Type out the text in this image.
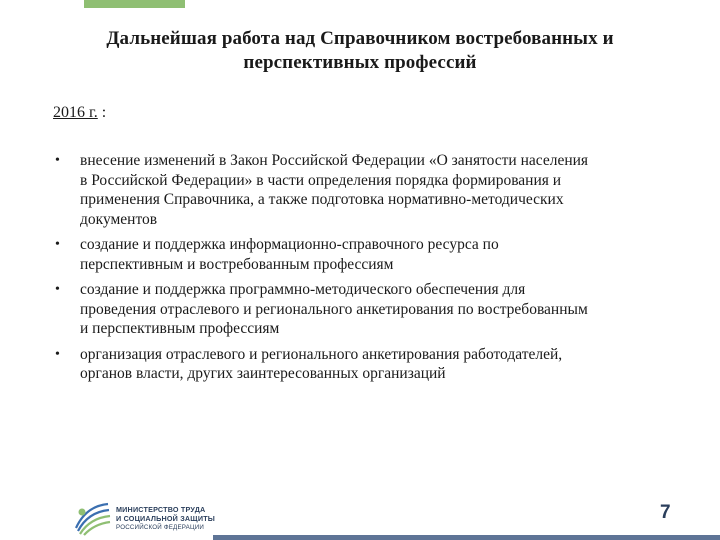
Дальнейшая работа над Справочником востребованных и
перспективных профессий
2016 г. :
• внесение изменений в Закон Российской Федерации «О занятости населения
в Российской Федерации» в части определения порядка формирования и
применения Справочника, а также подготовка нормативно-методических
документов
• создание и поддержка информационно-справочного ресурса по
перспективным и востребованным профессиям
• создание и поддержка программно-методического обеспечения для
проведения отраслевого и регионального анкетирования по востребованным
и перспективным профессиям
• организация отраслевого и регионального анкетирования работодателей,
органов власти, других заинтересованных организаций
МИНИСТЕРСТВО ТРУДА
И СОЦИАЛЬНОЙ ЗАЩИТЫ
РОССИЙСКОЙ ФЕДЕРАЦИИ
7
